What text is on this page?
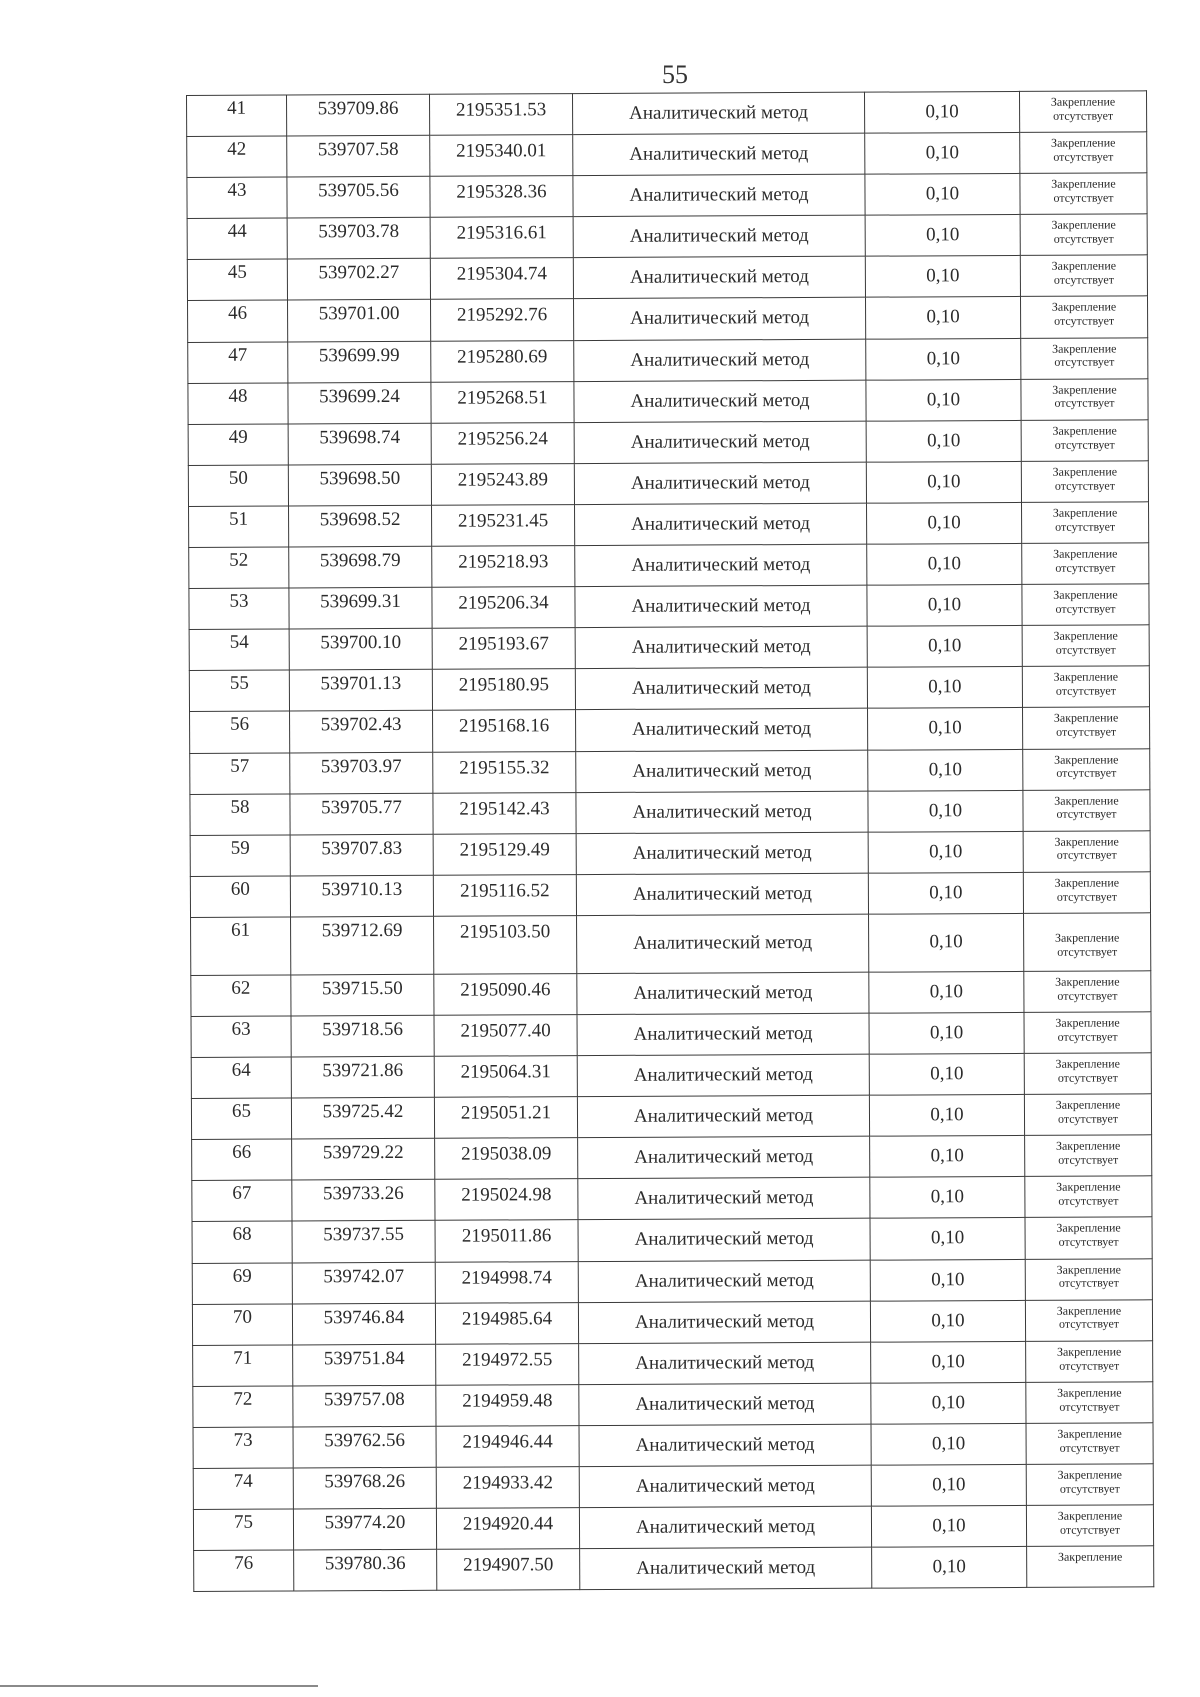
55
41	539709.86	2195351.53	Аналитический метод	0,10	Закрепление
отсутствует

42	539707.58	2195340.01	Аналитический метод	0,10	Закрепление
отсутствует

43	539705.56	2195328.36	Аналитический метод	0,10	Закрепление
отсутствует

44	539703.78	2195316.61	Аналитический метод	0,10	Закрепление
отсутствует

45	539702.27	2195304.74	Аналитический метод	0,10	Закрепление
отсутствует

46	539701.00	2195292.76	Аналитический метод	0,10	Закрепление
отсутствует

47	539699.99	2195280.69	Аналитический метод	0,10	Закрепление
отсутствует

48	539699.24	2195268.51	Аналитический метод	0,10	Закрепление
отсутствует

49	539698.74	2195256.24	Аналитический метод	0,10	Закрепление
отсутствует

50	539698.50	2195243.89	Аналитический метод	0,10	Закрепление
отсутствует

51	539698.52	2195231.45	Аналитический метод	0,10	Закрепление
отсутствует

52	539698.79	2195218.93	Аналитический метод	0,10	Закрепление
отсутствует

53	539699.31	2195206.34	Аналитический метод	0,10	Закрепление
отсутствует

54	539700.10	2195193.67	Аналитический метод	0,10	Закрепление
отсутствует

55	539701.13	2195180.95	Аналитический метод	0,10	Закрепление
отсутствует

56	539702.43	2195168.16	Аналитический метод	0,10	Закрепление
отсутствует

57	539703.97	2195155.32	Аналитический метод	0,10	Закрепление
отсутствует

58	539705.77	2195142.43	Аналитический метод	0,10	Закрепление
отсутствует

59	539707.83	2195129.49	Аналитический метод	0,10	Закрепление
отсутствует

60	539710.13	2195116.52	Аналитический метод	0,10	Закрепление
отсутствует

61	539712.69	2195103.50	Аналитический метод	0,10	Закрепление
отсутствует

62	539715.50	2195090.46	Аналитический метод	0,10	Закрепление
отсутствует

63	539718.56	2195077.40	Аналитический метод	0,10	Закрепление
отсутствует

64	539721.86	2195064.31	Аналитический метод	0,10	Закрепление
отсутствует

65	539725.42	2195051.21	Аналитический метод	0,10	Закрепление
отсутствует

66	539729.22	2195038.09	Аналитический метод	0,10	Закрепление
отсутствует

67	539733.26	2195024.98	Аналитический метод	0,10	Закрепление
отсутствует

68	539737.55	2195011.86	Аналитический метод	0,10	Закрепление
отсутствует

69	539742.07	2194998.74	Аналитический метод	0,10	Закрепление
отсутствует

70	539746.84	2194985.64	Аналитический метод	0,10	Закрепление
отсутствует

71	539751.84	2194972.55	Аналитический метод	0,10	Закрепление
отсутствует

72	539757.08	2194959.48	Аналитический метод	0,10	Закрепление
отсутствует

73	539762.56	2194946.44	Аналитический метод	0,10	Закрепление
отсутствует

74	539768.26	2194933.42	Аналитический метод	0,10	Закрепление
отсутствует

75	539774.20	2194920.44	Аналитический метод	0,10	Закрепление
отсутствует

76	539780.36	2194907.50	Аналитический метод	0,10	Закрепление
